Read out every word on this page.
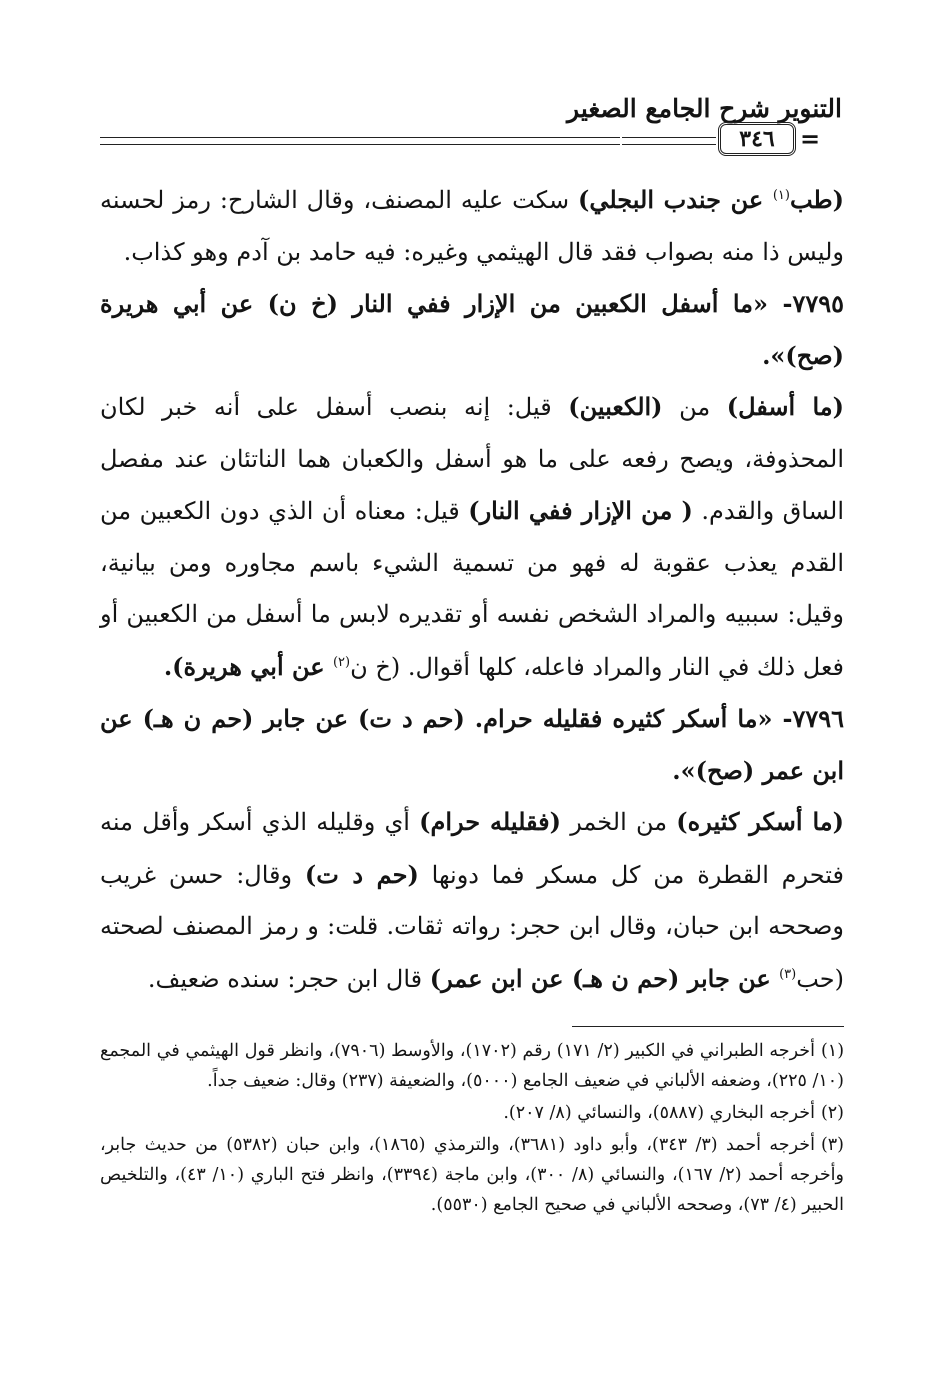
التنوير شرح الجامع الصغير
٣٤٦	=

(طب$^{(١)}$ عن جندب البجلي) سكت عليه المصنف، وقال الشارح: رمز لحسنه وليس ذا منه بصواب فقد قال الهيثمي وغيره: فيه حامد بن آدم وهو كذاب.

٧٧٩٥- «ما أسفل الكعبين من الإزار ففي النار (خ ن) عن أبي هريرة (صح)».

(ما أسفل) من (الكعبين) قيل: إنه بنصب أسفل على أنه خبر لكان المحذوفة، ويصح رفعه على ما هو أسفل والكعبان هما الناتئان عند مفصل الساق والقدم. ( من الإزار ففي النار) قيل: معناه أن الذي دون الكعبين من القدم يعذب عقوبة له فهو من تسمية الشيء باسم مجاوره ومن بيانية، وقيل: سببيه والمراد الشخص نفسه أو تقديره لابس ما أسفل من الكعبين أو فعل ذلك في النار والمراد فاعله، كلها أقوال. (خ ن$^{(٢)}$ عن أبي هريرة).

٧٧٩٦- «ما أسكر كثيره فقليله حرام. (حم د ت) عن جابر (حم ن هـ) عن ابن عمر (صح)».

(ما أسكر كثيره) من الخمر (فقليله حرام) أي وقليله الذي أسكر وأقل منه فتحرم القطرة من كل مسكر فما دونها (حم د ت) وقال: حسن غريب وصححه ابن حبان، وقال ابن حجر: رواته ثقات. قلت: و رمز المصنف لصحته (حب$^{(٣)}$ عن جابر (حم ن هـ) عن ابن عمر) قال ابن حجر: سنده ضعيف.

(١)أخرجه الطبراني في الكبير (٢/ ١٧١) رقم (١٧٠٢)، والأوسط (٧٩٠٦)، وانظر قول الهيثمي في المجمع (١٠/ ٢٢٥)، وضعفه الألباني في ضعيف الجامع (٥٠٠٠)، والضعيفة (٢٣٧) وقال: ضعيف جداً.

(٢)أخرجه البخاري (٥٨٨٧)، والنسائي (٨/ ٢٠٧).

(٣)أخرجه أحمد (٣/ ٣٤٣)، وأبو داود (٣٦٨١)، والترمذي (١٨٦٥)، وابن حبان (٥٣٨٢) من حديث جابر، وأخرجه أحمد (٢/ ١٦٧)، والنسائي (٨/ ٣٠٠)، وابن ماجة (٣٣٩٤)، وانظر فتح الباري (١٠/ ٤٣)، والتلخيص الحبير (٤/ ٧٣)، وصححه الألباني في صحيح الجامع (٥٥٣٠).
